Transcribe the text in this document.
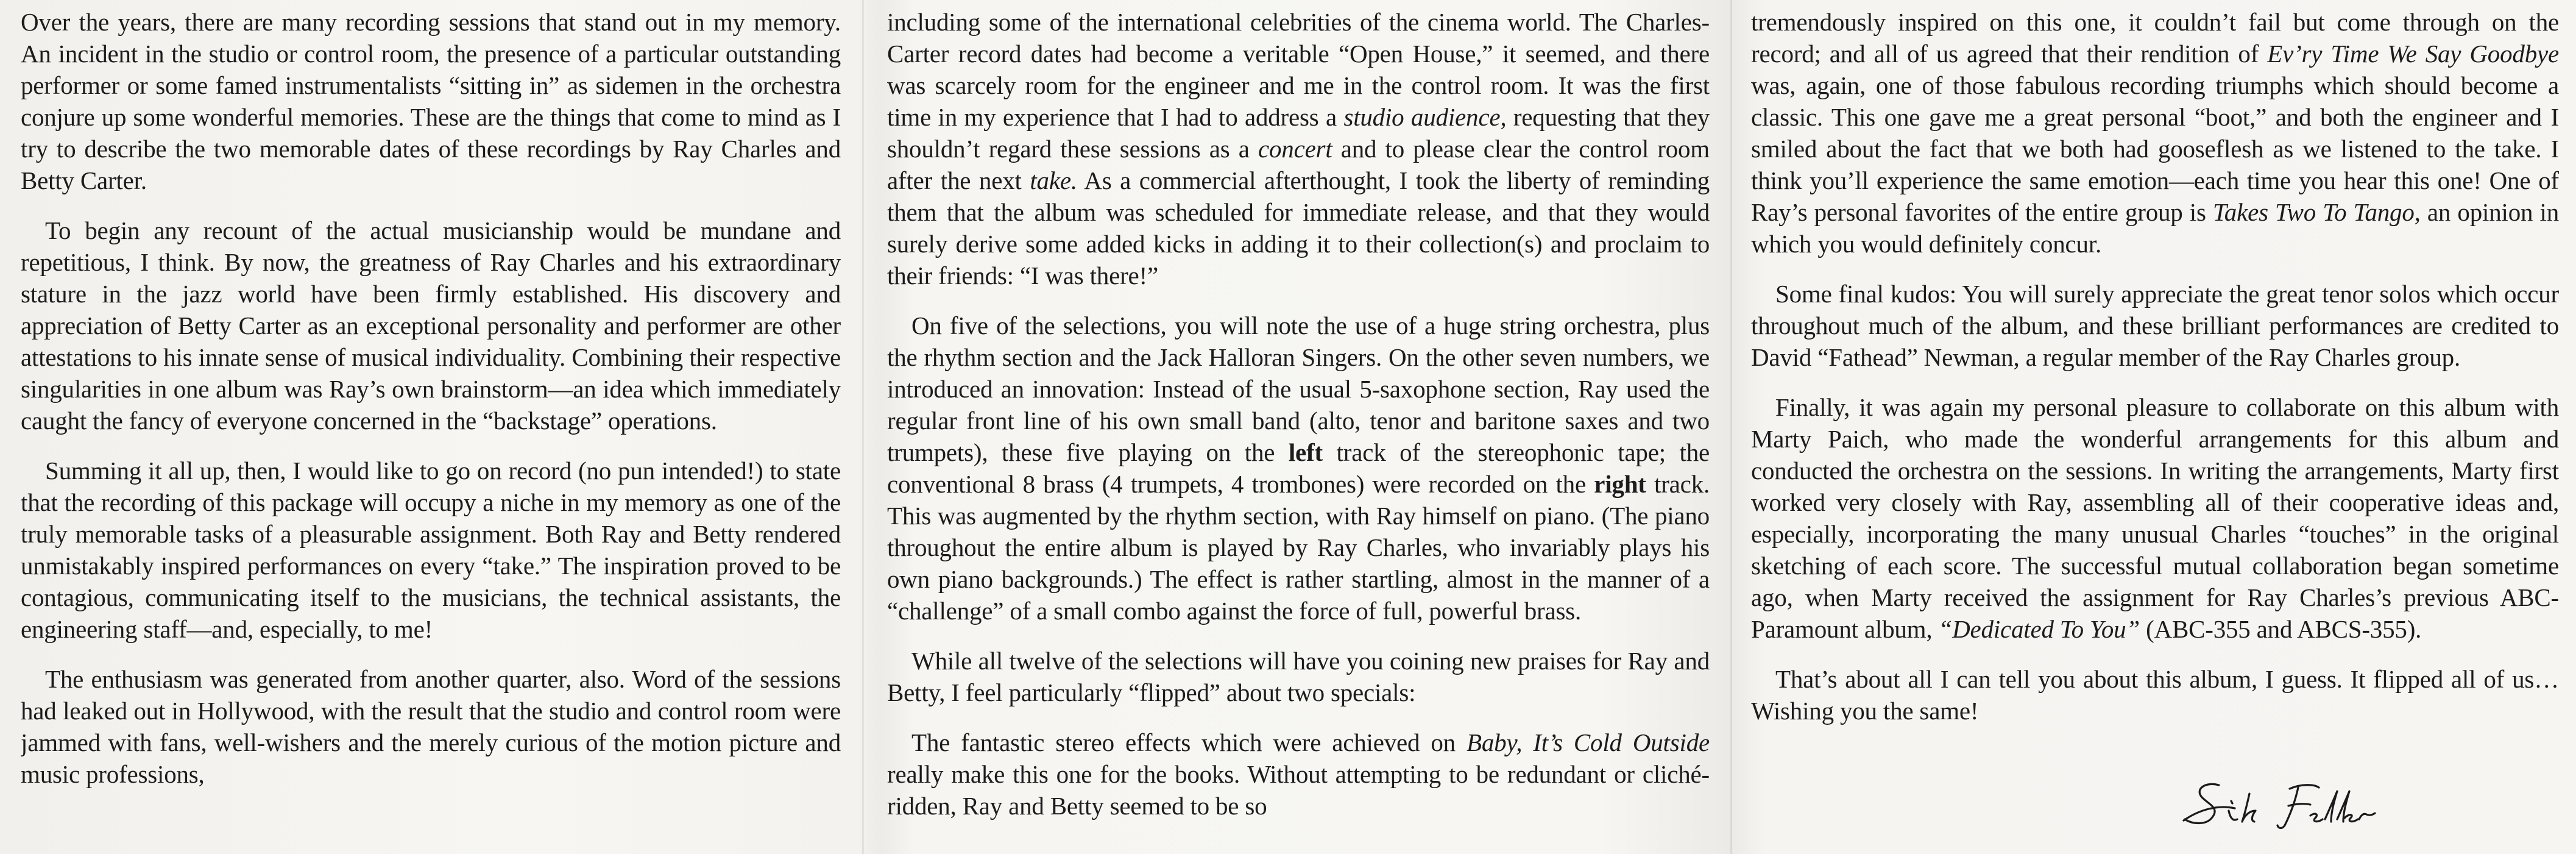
Over the years, there are many recording sessions that stand out in my memory. An incident in the studio or control room, the presence of a particular outstanding performer or some famed instrumentalists “sitting in” as sidemen in the orchestra conjure up some wonderful memories. These are the things that come to mind as I try to describe the two memorable dates of these recordings by Ray Charles and Betty Carter.

To begin any recount of the actual musicianship would be mundane and repetitious, I think. By now, the greatness of Ray Charles and his extraordinary stature in the jazz world have been firmly established. His discovery and appreciation of Betty Carter as an exceptional personality and performer are other attestations to his innate sense of musical individuality. Combining their respective singularities in one album was Ray’s own brainstorm—an idea which immediately caught the fancy of everyone concerned in the “backstage” operations.

Summing it all up, then, I would like to go on record (no pun intended!) to state that the recording of this package will occupy a niche in my memory as one of the truly memorable tasks of a pleasurable assignment. Both Ray and Betty rendered unmistakably inspired performances on every “take.” The inspiration proved to be contagious, communicating itself to the musicians, the technical assistants, the engineering staff—and, especially, to me!

The enthusiasm was generated from another quarter, also. Word of the sessions had leaked out in Hollywood, with the result that the studio and control room were jammed with fans, well-wishers and the merely curious of the motion picture and music professions,

including some of the international celebrities of the cinema world. The Charles-Carter record dates had become a veritable “Open House,” it seemed, and there was scarcely room for the engineer and me in the control room. It was the first time in my experience that I had to address a studio audience, requesting that they shouldn’t regard these sessions as a concert and to please clear the control room after the next take. As a commercial afterthought, I took the liberty of reminding them that the album was scheduled for immediate release, and that they would surely derive some added kicks in adding it to their collection(s) and proclaim to their friends: “I was there!”

On five of the selections, you will note the use of a huge string orchestra, plus the rhythm section and the Jack Halloran Singers. On the other seven numbers, we introduced an innovation: Instead of the usual 5-saxophone section, Ray used the regular front line of his own small band (alto, tenor and baritone saxes and two trumpets), these five playing on the left track of the stereophonic tape; the conventional 8 brass (4 trumpets, 4 trombones) were recorded on the right track. This was augmented by the rhythm section, with Ray himself on piano. (The piano throughout the entire album is played by Ray Charles, who invariably plays his own piano backgrounds.) The effect is rather startling, almost in the manner of a “challenge” of a small combo against the force of full, powerful brass.

While all twelve of the selections will have you coining new praises for Ray and Betty, I feel particularly “flipped” about two specials:

The fantastic stereo effects which were achieved on Baby, It’s Cold Outside really make this one for the books. Without attempting to be redundant or cliché-ridden, Ray and Betty seemed to be so

tremendously inspired on this one, it couldn’t fail but come through on the record; and all of us agreed that their rendition of Ev’ry Time We Say Goodbye was, again, one of those fabulous recording triumphs which should become a classic. This one gave me a great personal “boot,” and both the engineer and I smiled about the fact that we both had gooseflesh as we listened to the take. I think you’ll experience the same emotion—each time you hear this one! One of Ray’s personal favorites of the entire group is Takes Two To Tango, an opinion in which you would definitely concur.

Some final kudos: You will surely appreciate the great tenor solos which occur throughout much of the album, and these brilliant performances are credited to David “Fathead” Newman, a regular member of the Ray Charles group.

Finally, it was again my personal pleasure to collaborate on this album with Marty Paich, who made the wonderful arrangements for this album and conducted the orchestra on the sessions. In writing the arrangements, Marty first worked very closely with Ray, assembling all of their cooperative ideas and, especially, incorporating the many unusual Charles “touches” in the original sketching of each score. The successful mutual collaboration began sometime ago, when Marty received the assignment for Ray Charles’s previous ABC-Paramount album, “Dedicated To You” (ABC-355 and ABCS-355).

That’s about all I can tell you about this album, I guess. It flipped all of us…Wishing you the same!
